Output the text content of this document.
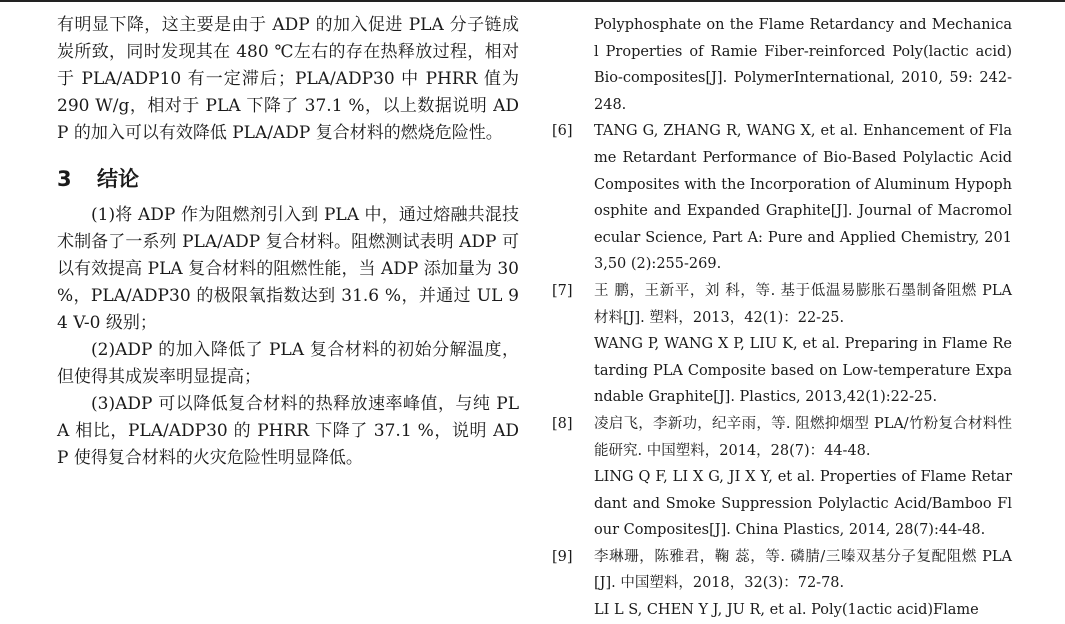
有明显下降，这主要是由于 ADP 的加入促进 PLA 分子链成炭所致，同时发现其在 480 ℃左右的存在热释放过程，相对于 PLA/ADP10 有一定滞后；PLA/ADP30 中 PHRR 值为 290 W/g，相对于 PLA 下降了 37.1 %，以上数据说明 ADP 的加入可以有效降低 PLA/ADP 复合材料的燃烧危险性。

3 结论

(1)将 ADP 作为阻燃剂引入到 PLA 中，通过熔融共混技术制备了一系列 PLA/ADP 复合材料。阻燃测试表明 ADP 可以有效提高 PLA 复合材料的阻燃性能，当 ADP 添加量为 30 %，PLA/ADP30 的极限氧指数达到 31.6 %，并通过 UL 94 V-0 级别；

(2)ADP 的加入降低了 PLA 复合材料的初始分解温度，但使得其成炭率明显提高；

(3)ADP 可以降低复合材料的热释放速率峰值，与纯 PLA 相比，PLA/ADP30 的 PHRR 下降了 37.1 %，说明 ADP 使得复合材料的火灾危险性明显降低。

Polyphosphate on the Flame Retardancy and Mechanical Properties of Ramie Fiber-reinforced Poly(lactic acid) Bio-composites[J]. PolymerInternational, 2010, 59: 242-248.

[6] TANG G, ZHANG R, WANG X, et al. Enhancement of Flame Retardant Performance of Bio-Based Polylactic Acid Composites with the Incorporation of Aluminum Hypophosphite and Expanded Graphite[J]. Journal of Macromolecular Science, Part A: Pure and Applied Chemistry, 2013,50 (2):255-269.

[7] 王 鹏，王新平，刘 科，等. 基于低温易膨胀石墨制备阻燃 PLA 材料[J]. 塑料，2013，42(1)：22-25.

WANG P, WANG X P, LIU K, et al. Preparing in Flame Retarding PLA Composite based on Low-temperature Expandable Graphite[J]. Plastics, 2013,42(1):22-25.

[8] 凌启飞，李新功，纪辛雨，等. 阻燃抑烟型 PLA/竹粉复合材料性能研究. 中国塑料，2014，28(7)：44-48.

LING Q F, LI X G, JI X Y, et al. Properties of Flame Retardant and Smoke Suppression Polylactic Acid/Bamboo Flour Composites[J]. China Plastics, 2014, 28(7):44-48.

[9] 李琳珊，陈雅君，鞠 蕊，等. 磷腈/三嗪双基分子复配阻燃 PLA[J]. 中国塑料，2018，32(3)：72-78.

LI L S, CHEN Y J, JU R, et al. Poly(1actic acid)Flame
